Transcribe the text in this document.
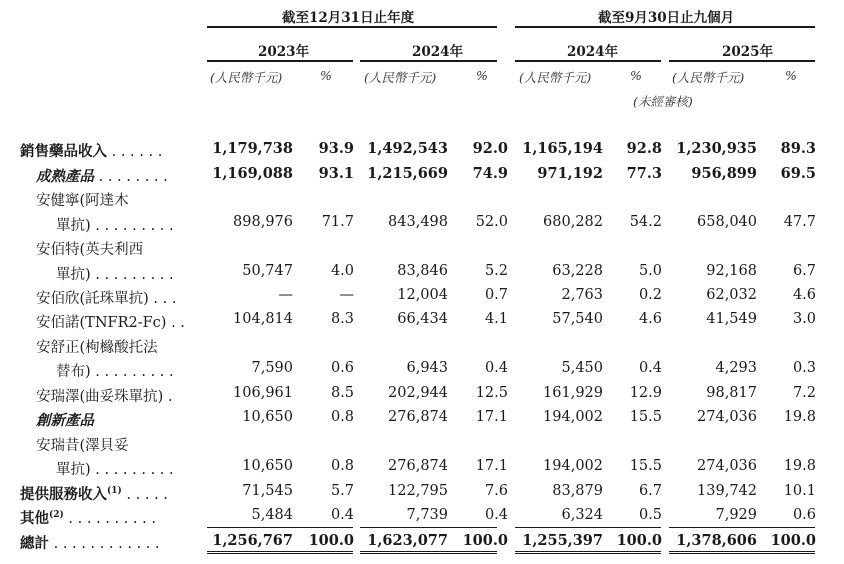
截至12月31日止年度	截至9月30日止九個月
2023年	2024年	2024年	2025年
(人民幣千元)	%	(人民幣千元)	% (人民幣千元)	% (人民幣千元)	%
(未經審核)
銷售藥品收入 . . . . . .	1,179,738 93.9 1,492,543 92.0 1,165,194 92.8 1,230,935 89.3
成熟產品 . . . . . . . .	1,169,088 93.1 1,215,669 74.9 971,192 77.3 956,899 69.5
安健寧(阿達木
單抗) . . . . . . . . .	898,976 71.7 843,498 52.0 680,282 54.2 658,040 47.7
安佰特(英夫利西
單抗) . . . . . . . . .	50,747	4.0	83,846	5.2	63,228 5.0	92,168 6.7
安佰欣(託珠單抗) . . .	—	—	12,004	0.7	2,763 0.2	62,032 4.6
安佰諾(TNFR2-Fc) . .	104,814	8.3	66,434	4.1	57,540 4.6	41,549 3.0
安舒正(枸櫞酸托法
替布) . . . . . . . . .	7,590	0.6	6,943	0.4	5,450 0.4	4,293 0.3
安瑞澤(曲妥珠單抗) .	106,961	8.5 202,944 12.5 161,929 12.9	98,817 7.2
創新產品	10,650	0.8 276,874 17.1 194,002 15.5 274,036 19.8
安瑞昔(澤貝妥
單抗) . . . . . . . . .	10,650	0.8 276,874 17.1 194,002 15.5 274,036 19.8
提供服務收入$^{(1)}$ . . . . .	71,545	5.7 122,795	7.6	83,879 6.7 139,742 10.1
其他$^{(2)}$ . . . . . . . . . .	5,484	0.4	7,739	0.4	6,324 0.5	7,929 0.6
總計 . . . . . . . . . . . .	1,256,767 100.0 1,623,077 100.0 1,255,397 100.0 1,378,606 100.0
